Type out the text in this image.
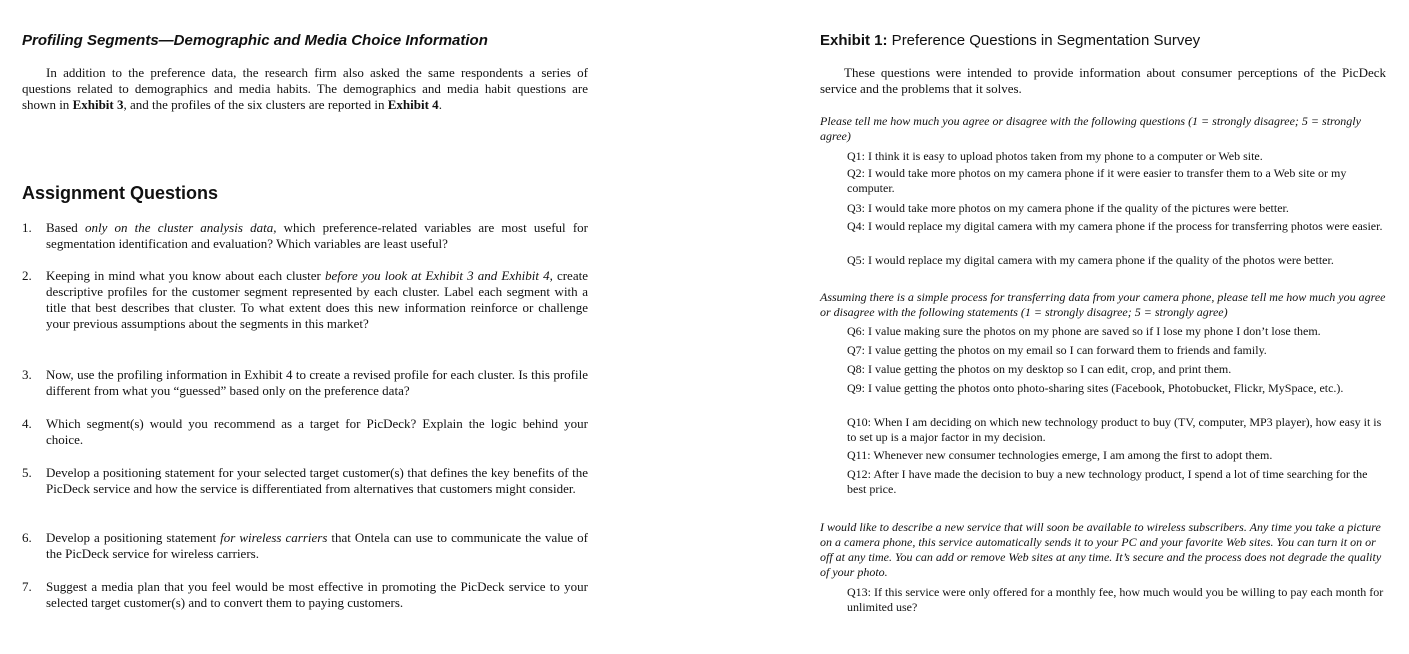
Profiling Segments—Demographic and Media Choice Information

In addition to the preference data, the research firm also asked the same respondents a series of questions related to demographics and media habits. The demographics and media habit questions are shown in Exhibit 3, and the profiles of the six clusters are reported in Exhibit 4.

Assignment Questions
1. Based only on the cluster analysis data, which preference-related variables are most useful for segmentation identification and evaluation? Which variables are least useful?
2. Keeping in mind what you know about each cluster before you look at Exhibit 3 and Exhibit 4, create descriptive profiles for the customer segment represented by each cluster. Label each segment with a title that best describes that cluster. To what extent does this new information reinforce or challenge your previous assumptions about the segments in this market?
3. Now, use the profiling information in Exhibit 4 to create a revised profile for each cluster. Is this profile different from what you “guessed” based only on the preference data?
4. Which segment(s) would you recommend as a target for PicDeck? Explain the logic behind your choice.
5. Develop a positioning statement for your selected target customer(s) that defines the key benefits of the PicDeck service and how the service is differentiated from alternatives that customers might consider.
6. Develop a positioning statement for wireless carriers that Ontela can use to communicate the value of the PicDeck service for wireless carriers.
7. Suggest a media plan that you feel would be most effective in promoting the PicDeck service to your selected target customer(s) and to convert them to paying customers.
Exhibit 1: Preference Questions in Segmentation Survey

These questions were intended to provide information about consumer perceptions of the PicDeck service and the problems that it solves.

Please tell me how much you agree or disagree with the following questions (1 = strongly disagree; 5 = strongly agree)

Q1: I think it is easy to upload photos taken from my phone to a computer or Web site.

Q2: I would take more photos on my camera phone if it were easier to transfer them to a Web site or my computer.

Q3: I would take more photos on my camera phone if the quality of the pictures were better.

Q4: I would replace my digital camera with my camera phone if the process for transferring photos were easier.

Q5: I would replace my digital camera with my camera phone if the quality of the photos were better.

Assuming there is a simple process for transferring data from your camera phone, please tell me how much you agree or disagree with the following statements (1 = strongly disagree; 5 = strongly agree)

Q6: I value making sure the photos on my phone are saved so if I lose my phone I don’t lose them.

Q7: I value getting the photos on my email so I can forward them to friends and family.

Q8: I value getting the photos on my desktop so I can edit, crop, and print them.

Q9: I value getting the photos onto photo-sharing sites (Facebook, Photobucket, Flickr, MySpace, etc.).

Q10: When I am deciding on which new technology product to buy (TV, computer, MP3 player), how easy it is to set up is a major factor in my decision.

Q11: Whenever new consumer technologies emerge, I am among the first to adopt them.

Q12: After I have made the decision to buy a new technology product, I spend a lot of time searching for the best price.

I would like to describe a new service that will soon be available to wireless subscribers. Any time you take a picture on a camera phone, this service automatically sends it to your PC and your favorite Web sites. You can turn it on or off at any time. You can add or remove Web sites at any time. It’s secure and the process does not degrade the quality of your photo.

Q13: If this service were only offered for a monthly fee, how much would you be willing to pay each month for unlimited use?
